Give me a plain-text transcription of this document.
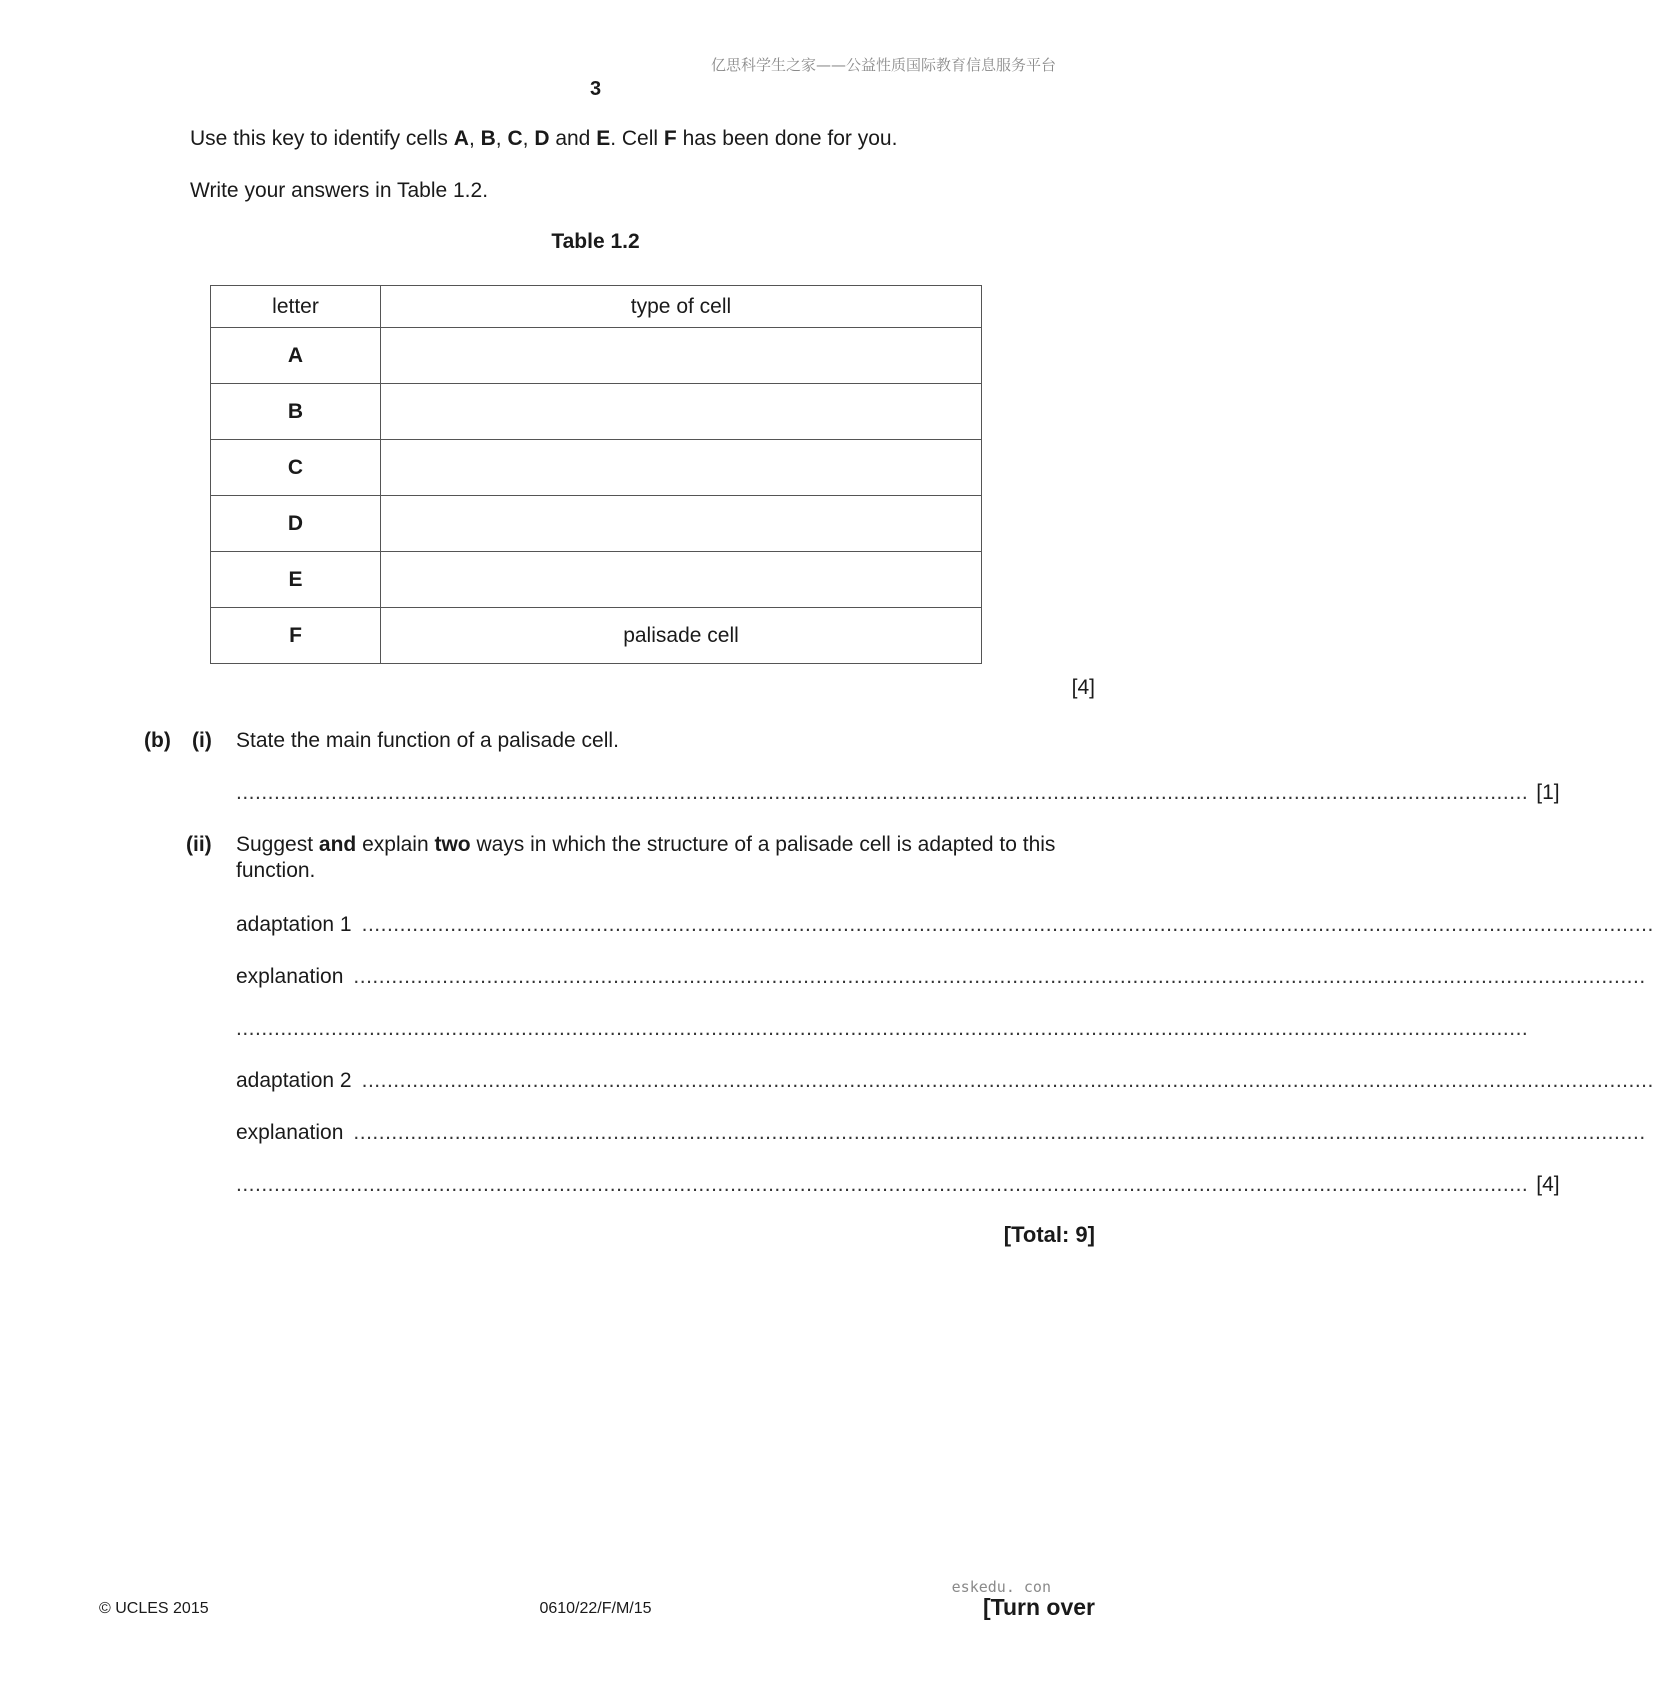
亿思科学生之家——公益性质国际教育信息服务平台
3
Use this key to identify cells A, B, C, D and E. Cell F has been done for you.
Write your answers in Table 1.2.
Table 1.2
letter	type of cell
A	
B	
C	
D	
E	
F	palisade cell
[4]
(b) (i) State the main function of a palisade cell.
............................................................................................................................................................................................................ [1]
(ii) Suggest and explain two ways in which the structure of a palisade cell is adapted to this function.
adaptation 1 ............................................................................................................................................................................................................
explanation ............................................................................................................................................................................................................
............................................................................................................................................................................................................
adaptation 2 ............................................................................................................................................................................................................
explanation ............................................................................................................................................................................................................
............................................................................................................................................................................................................ [4]
[Total: 9]
eskedu. con
© UCLES 2015	0610/22/F/M/15	[Turn over
